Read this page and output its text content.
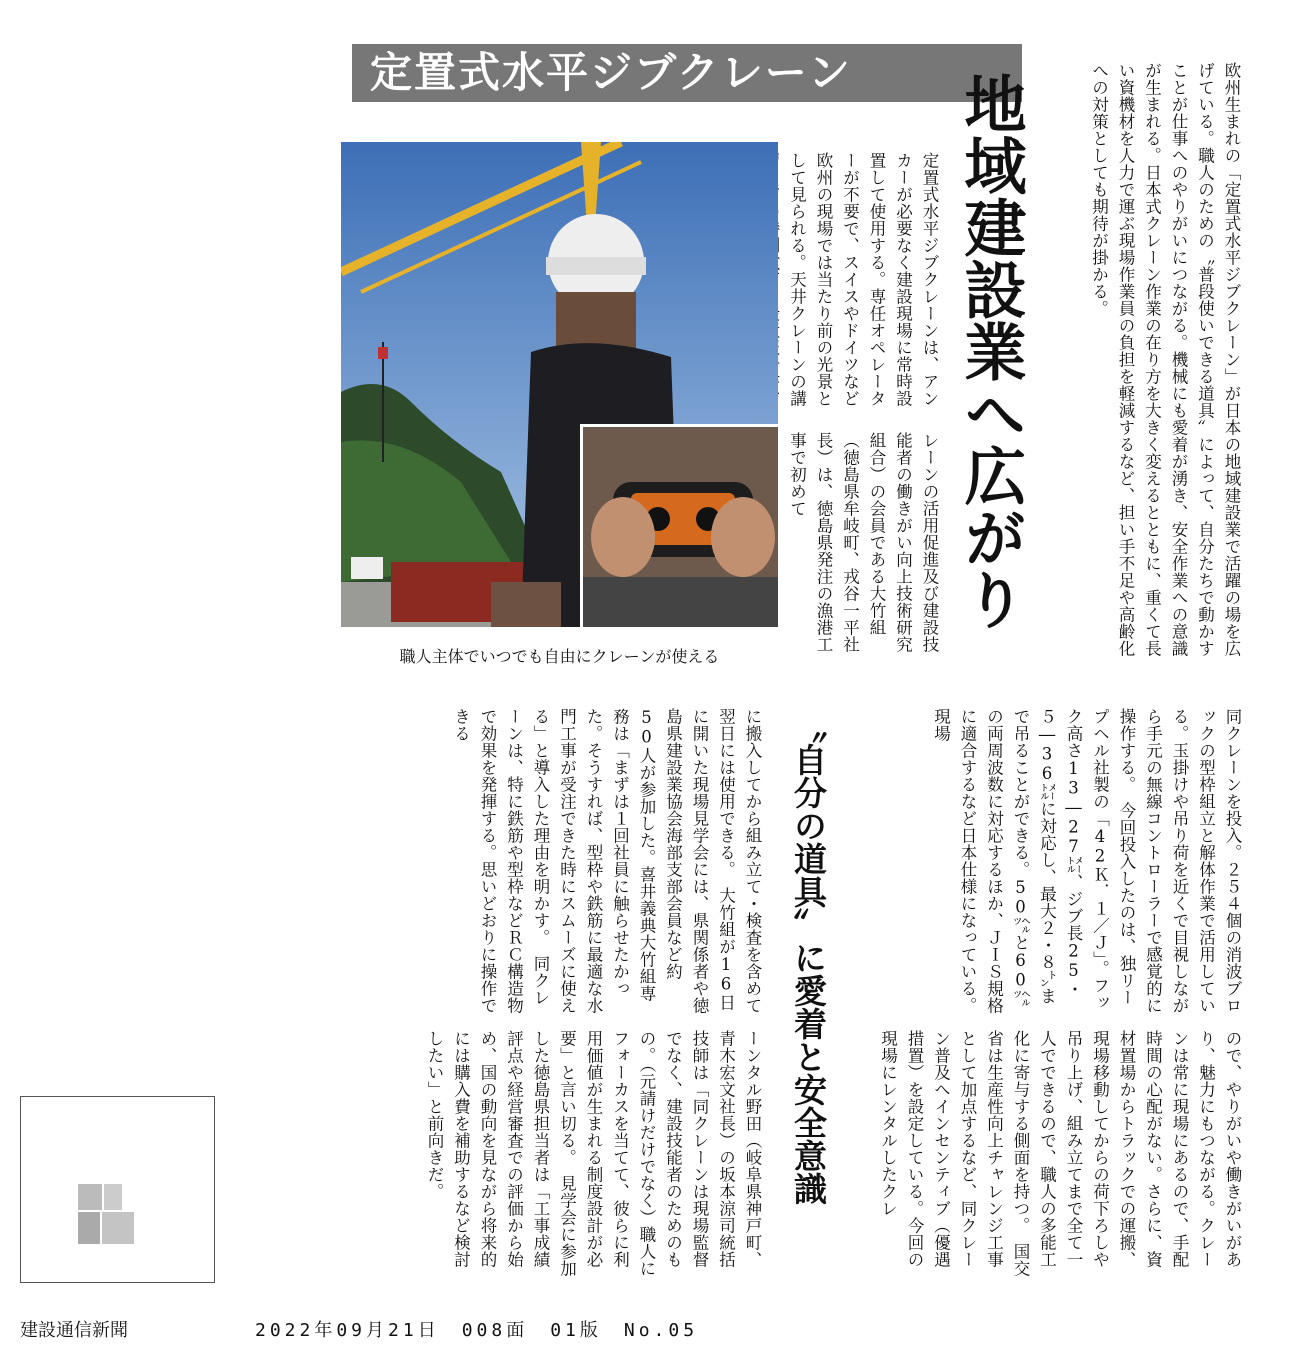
定置式水平ジブクレーン	欧州生まれの「定置式水平ジブクレーン」が日本の地域建設業で活躍の場を広げている。職人のための〝普段使いできる道具〟によって、自分たちで動かすことが仕事へのやりがいにつながる。機械にも愛着が湧き、安全作業への意識が生まれる。日本式クレーン作業の在り方を大きく変えるとともに、重くて長い資機材を人力で運ぶ現場作業員の負担を軽減するなど、担い手不足や高齢化への対策としても期待が掛かる。
地域建設業へ広がり
定置式水平ジブクレーンは、アンカーが必要なく建設現場に常時設置して使用する。専任オペレーターが不要で、スイスやドイツなど欧州の現場では当たり前の光景として見られる。天井クレーンの講　
レーンの活用促進及び建設技能者の働きがい向上技術研究組合）の会員である大竹組（徳島県牟岐町、戎谷一平社長）は、徳島県発注の漁港工事で初めて
職人主体でいつでも自由にクレーンが使える
〝自分の道具〟に愛着と安全意識	同クレーンを投入。２５４個の消波ブロックの型枠組立と解体作業で活用している。玉掛けや吊り荷を近くで目視しながら手元の無線コントローラーで感覚的に操作する。　今回投入したのは、独リープヘル社製の「42Ｋ．１／Ｊ」。フック高さ13―27㍍、ジブ長25・５―36㍍に対応し、最大２・８㌧まで吊ることができる。50㌹と60㌹の両周波数に対応するほか、ＪＩＳ規格に適合するなど日本仕様になっている。現場
ので、やりがいや働きがいがあり、魅力にもつながる。クレーンは常に現場にあるので、手配時間の心配がない。さらに、資材置場からトラックでの運搬、現場移動してからの荷下ろしや吊り上げ、組み立てまで全て一人でできるので、職人の多能工化に寄与する側面を持つ。　国交省は生産性向上チャレンジ工事として加点するなど、同クレーン普及へインセンティブ（優遇措置）を設定している。今回の現場にレンタルしたクレ
に搬入してから組み立て・検査を含めて翌日には使用できる。　大竹組が16日に開いた現場見学会には、県関係者や徳島県建設業協会海部支部会員など約50人が参加した。喜井義典大竹組専務は「まずは１回社員に触らせたかった。そうすれば、型枠や鉄筋に最適な水門工事が受注できた時にスムーズに使える」と導入した理由を明かす。　同クレーンは、特に鉄筋や型枠などＲＣ構造物で効果を発揮する。思いどおりに操作できる
ーンタル野田（岐阜県神戸町、青木宏文社長）の坂本涼司統括技師は「同クレーンは現場監督でなく、建設技能者のためのもの。（元請けだけでなく）職人にフォーカスを当てて、彼らに利用価値が生まれる制度設計が必要」と言い切る。　見学会に参加した徳島県担当者は「工事成績評点や経営審査での評価から始め、国の動向を見ながら将来的には購入費を補助するなど検討したい」と前向きだ。
建設通信新聞	2022年09月21日　008面　01版　No.05
